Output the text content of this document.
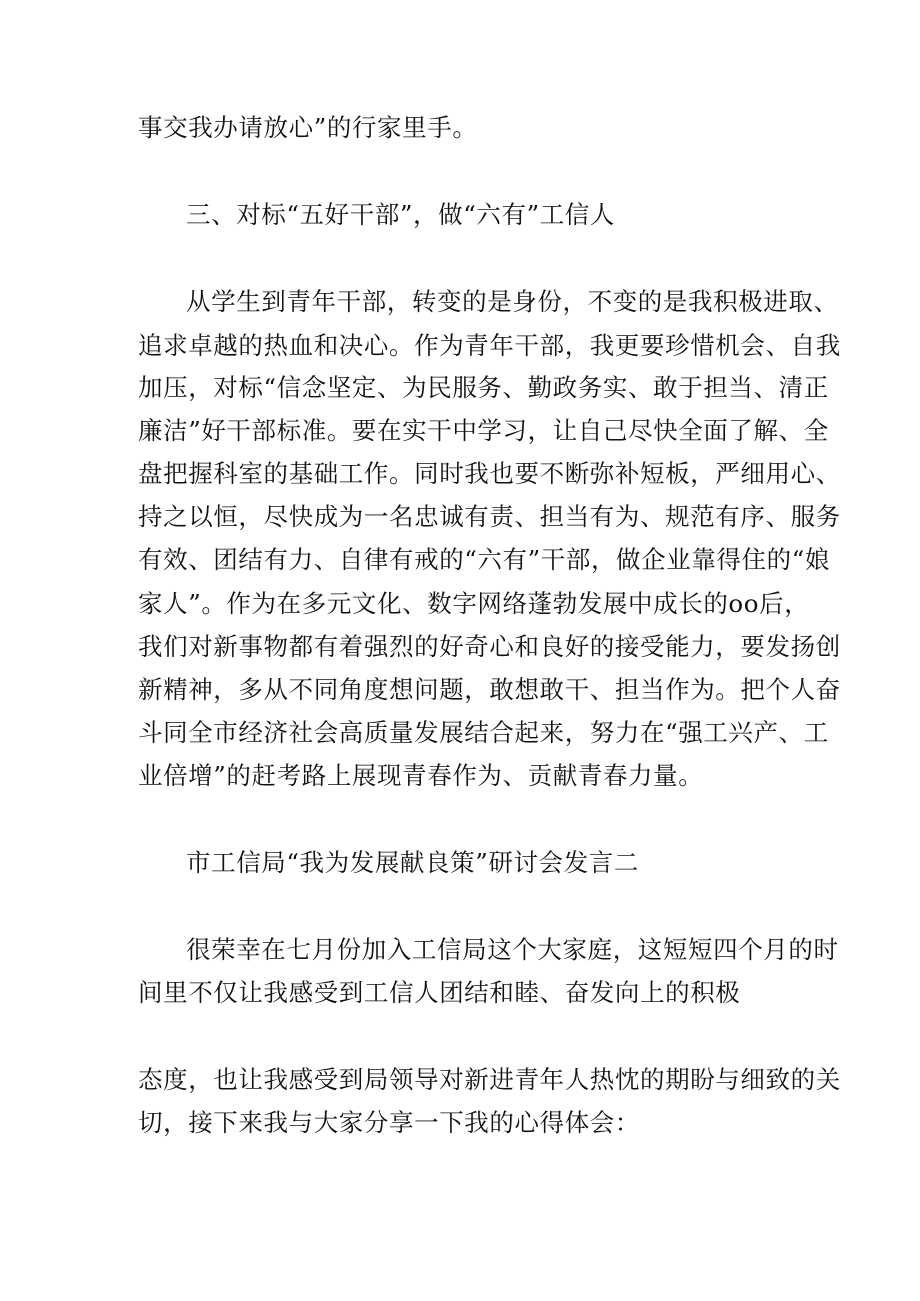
事交我办请放心”的行家里手。
三、对标“五好干部”，做“六有”工信人
从学生到青年干部，转变的是身份，不变的是我积极进取、
追求卓越的热血和决心。作为青年干部，我更要珍惜机会、自我
加压，对标“信念坚定、为民服务、勤政务实、敢于担当、清正
廉洁”好干部标准。要在实干中学习，让自己尽快全面了解、全
盘把握科室的基础工作。同时我也要不断弥补短板，严细用心、
持之以恒，尽快成为一名忠诚有责、担当有为、规范有序、服务
有效、团结有力、自律有戒的“六有”干部，做企业靠得住的“娘
家人”。作为在多元文化、数字网络蓬勃发展中成长的oo后，
我们对新事物都有着强烈的好奇心和良好的接受能力，要发扬创
新精神，多从不同角度想问题，敢想敢干、担当作为。把个人奋
斗同全市经济社会高质量发展结合起来，努力在“强工兴产、工
业倍增”的赶考路上展现青春作为、贡献青春力量。
市工信局“我为发展献良策”研讨会发言二
很荣幸在七月份加入工信局这个大家庭，这短短四个月的时
间里不仅让我感受到工信人团结和睦、奋发向上的积极
态度，也让我感受到局领导对新进青年人热忱的期盼与细致的关
切，接下来我与大家分享一下我的心得体会：
